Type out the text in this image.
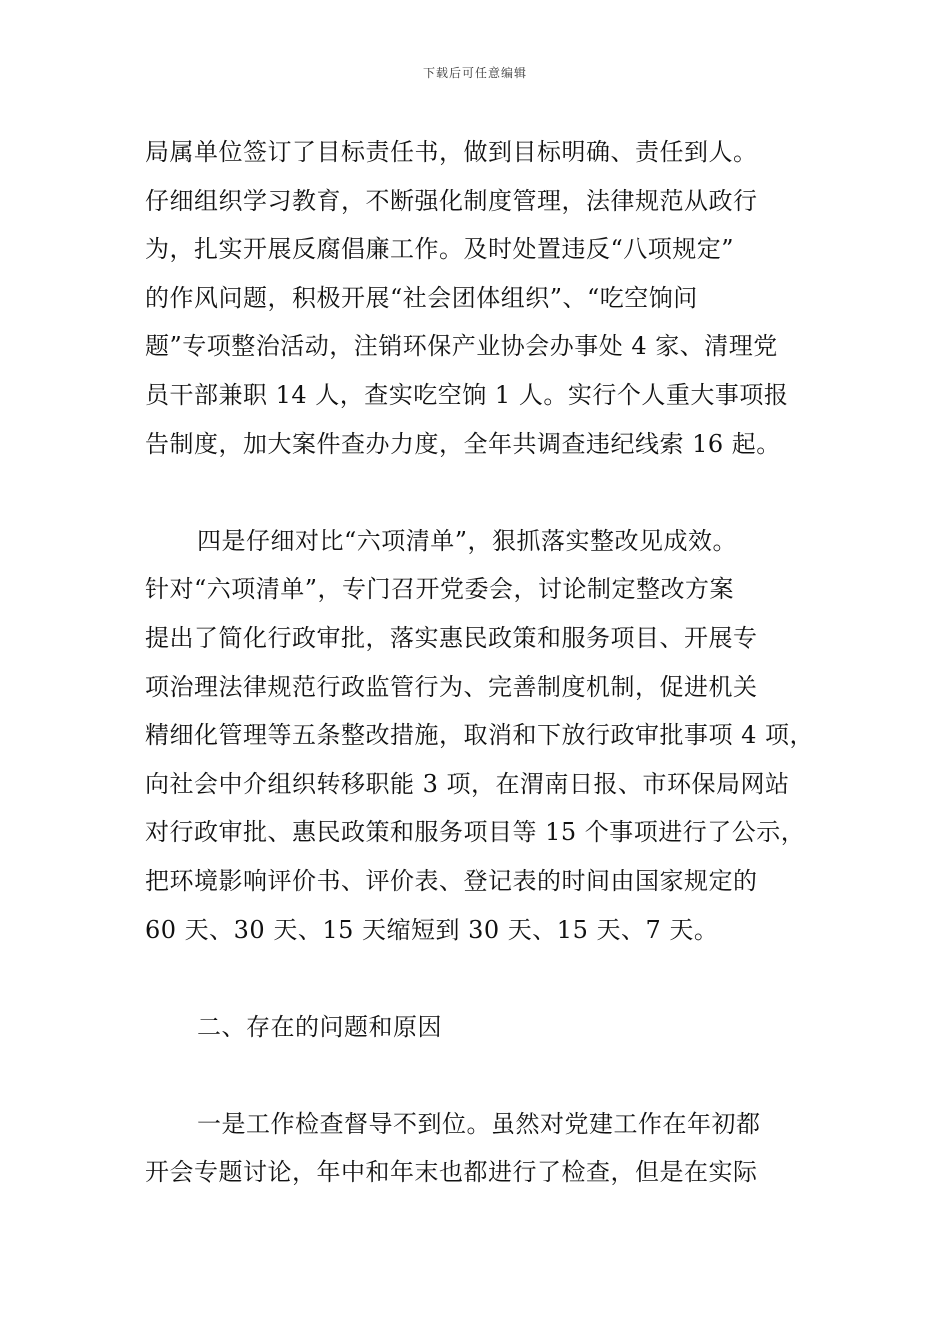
下载后可任意编辑
局属单位签订了目标责任书，做到目标明确、责任到人。
仔细组织学习教育，不断强化制度管理，法律规范从政行
为，扎实开展反腐倡廉工作。及时处置违反“八项规定”
的作风问题，积极开展“社会团体组织”、“吃空饷问
题”专项整治活动，注销环保产业协会办事处 4 家、清理党
员干部兼职 14 人，查实吃空饷 1 人。实行个人重大事项报
告制度，加大案件查办力度，全年共调查违纪线索 16 起。
四是仔细对比“六项清单”，狠抓落实整改见成效。
针对“六项清单”，专门召开党委会，讨论制定整改方案
提出了简化行政审批，落实惠民政策和服务项目、开展专
项治理法律规范行政监管行为、完善制度机制，促进机关
精细化管理等五条整改措施，取消和下放行政审批事项 4 项，
向社会中介组织转移职能 3 项，在渭南日报、市环保局网站
对行政审批、惠民政策和服务项目等 15 个事项进行了公示，
把环境影响评价书、评价表、登记表的时间由国家规定的
60 天、30 天、15 天缩短到 30 天、15 天、7 天。
二、存在的问题和原因
一是工作检查督导不到位。虽然对党建工作在年初都
开会专题讨论，年中和年末也都进行了检查，但是在实际
